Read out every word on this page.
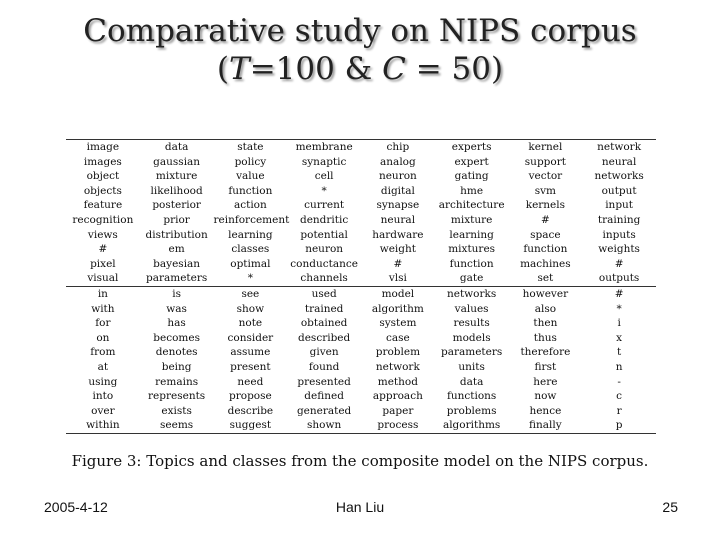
Comparative study on NIPS corpus
(T=100 & C = 50)
image	data	state	membrane	chip	experts	kernel	network
images	gaussian	policy	synaptic	analog	expert	support	neural
object	mixture	value	cell	neuron	gating	vector	networks
objects	likelihood	function	*	digital	hme	svm	output
feature	posterior	action	current	synapse	architecture	kernels	input
recognition	prior	reinforcement	dendritic	neural	mixture	#	training
views	distribution	learning	potential	hardware	learning	space	inputs
#	em	classes	neuron	weight	mixtures	function	weights
pixel	bayesian	optimal	conductance	#	function	machines	#
visual	parameters	*	channels	vlsi	gate	set	outputs
in	is	see	used	model	networks	however	#
with	was	show	trained	algorithm	values	also	*
for	has	note	obtained	system	results	then	i
on	becomes	consider	described	case	models	thus	x
from	denotes	assume	given	problem	parameters	therefore	t
at	being	present	found	network	units	first	n
using	remains	need	presented	method	data	here	-
into	represents	propose	defined	approach	functions	now	c
over	exists	describe	generated	paper	problems	hence	r
within	seems	suggest	shown	process	algorithms	finally	p
Figure 3: Topics and classes from the composite model on the NIPS corpus.
2005-4-12	Han Liu	25
